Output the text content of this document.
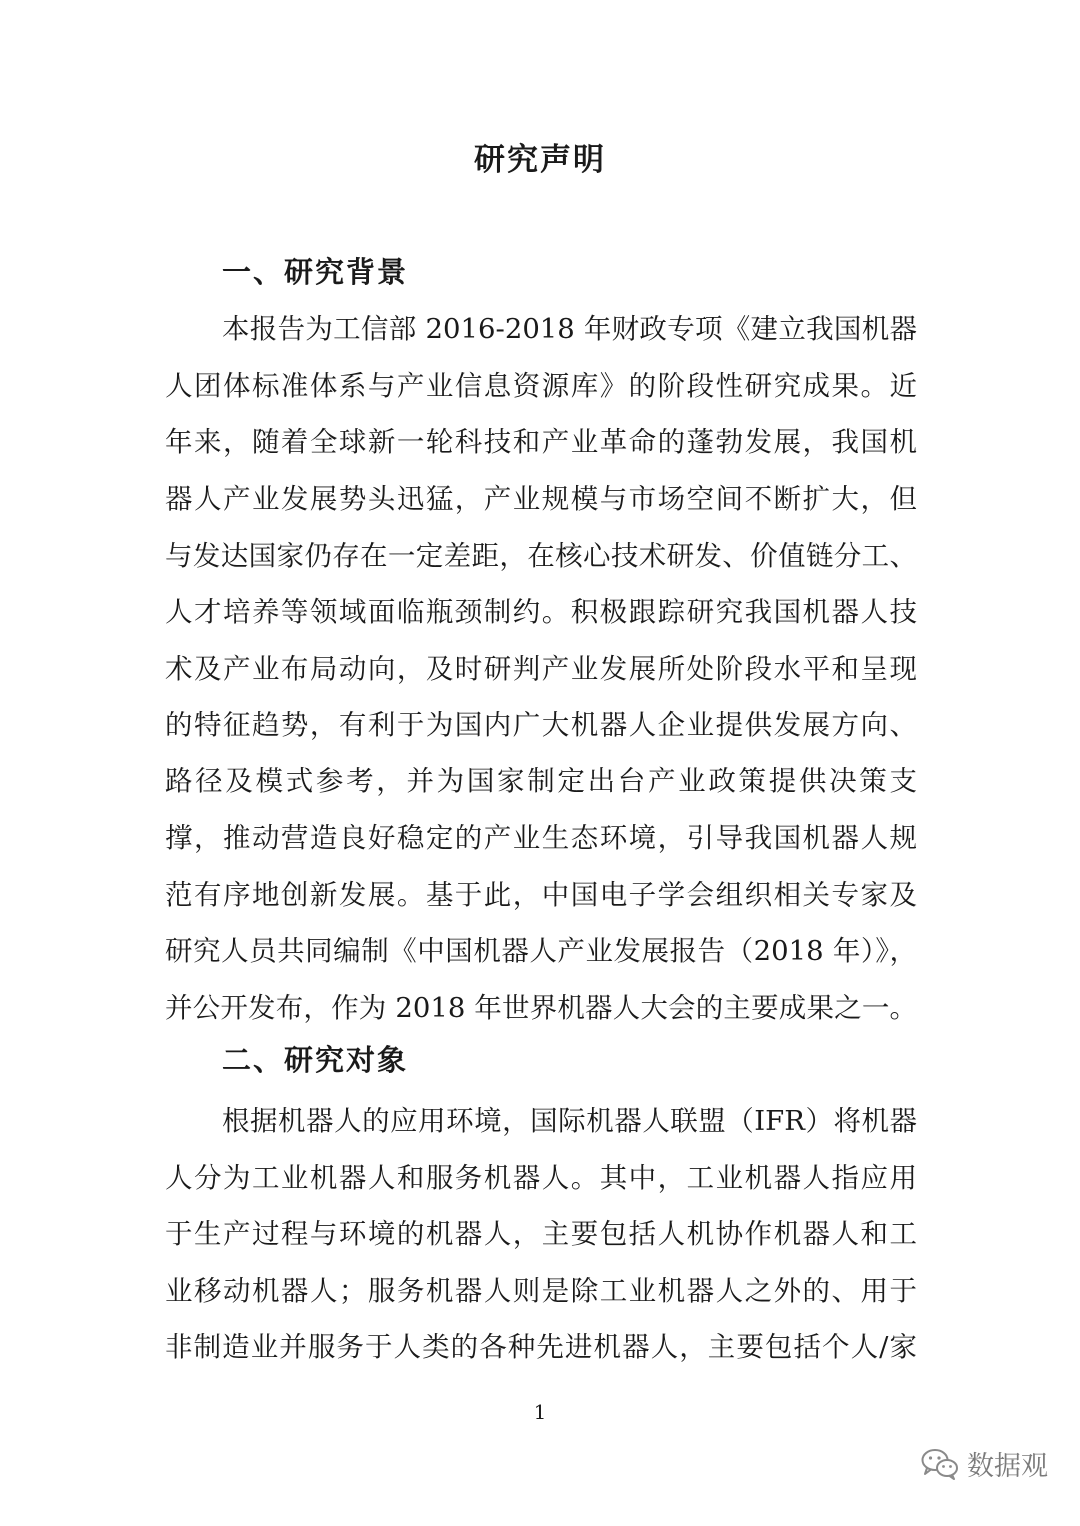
研究声明
一、研究背景
本报告为工信部 2016-2018 年财政专项《建立我国机器
人团体标准体系与产业信息资源库》的阶段性研究成果。近
年来，随着全球新一轮科技和产业革命的蓬勃发展，我国机
器人产业发展势头迅猛，产业规模与市场空间不断扩大，但
与发达国家仍存在一定差距，在核心技术研发、价值链分工、
人才培养等领域面临瓶颈制约。积极跟踪研究我国机器人技
术及产业布局动向，及时研判产业发展所处阶段水平和呈现
的特征趋势，有利于为国内广大机器人企业提供发展方向、
路径及模式参考，并为国家制定出台产业政策提供决策支
撑，推动营造良好稳定的产业生态环境，引导我国机器人规
范有序地创新发展。基于此，中国电子学会组织相关专家及
研究人员共同编制《中国机器人产业发展报告（2018 年）》，
并公开发布，作为 2018 年世界机器人大会的主要成果之一。
二、研究对象
根据机器人的应用环境，国际机器人联盟（IFR）将机器
人分为工业机器人和服务机器人。其中，工业机器人指应用
于生产过程与环境的机器人，主要包括人机协作机器人和工
业移动机器人；服务机器人则是除工业机器人之外的、用于
非制造业并服务于人类的各种先进机器人，主要包括个人/家
1
数据观
